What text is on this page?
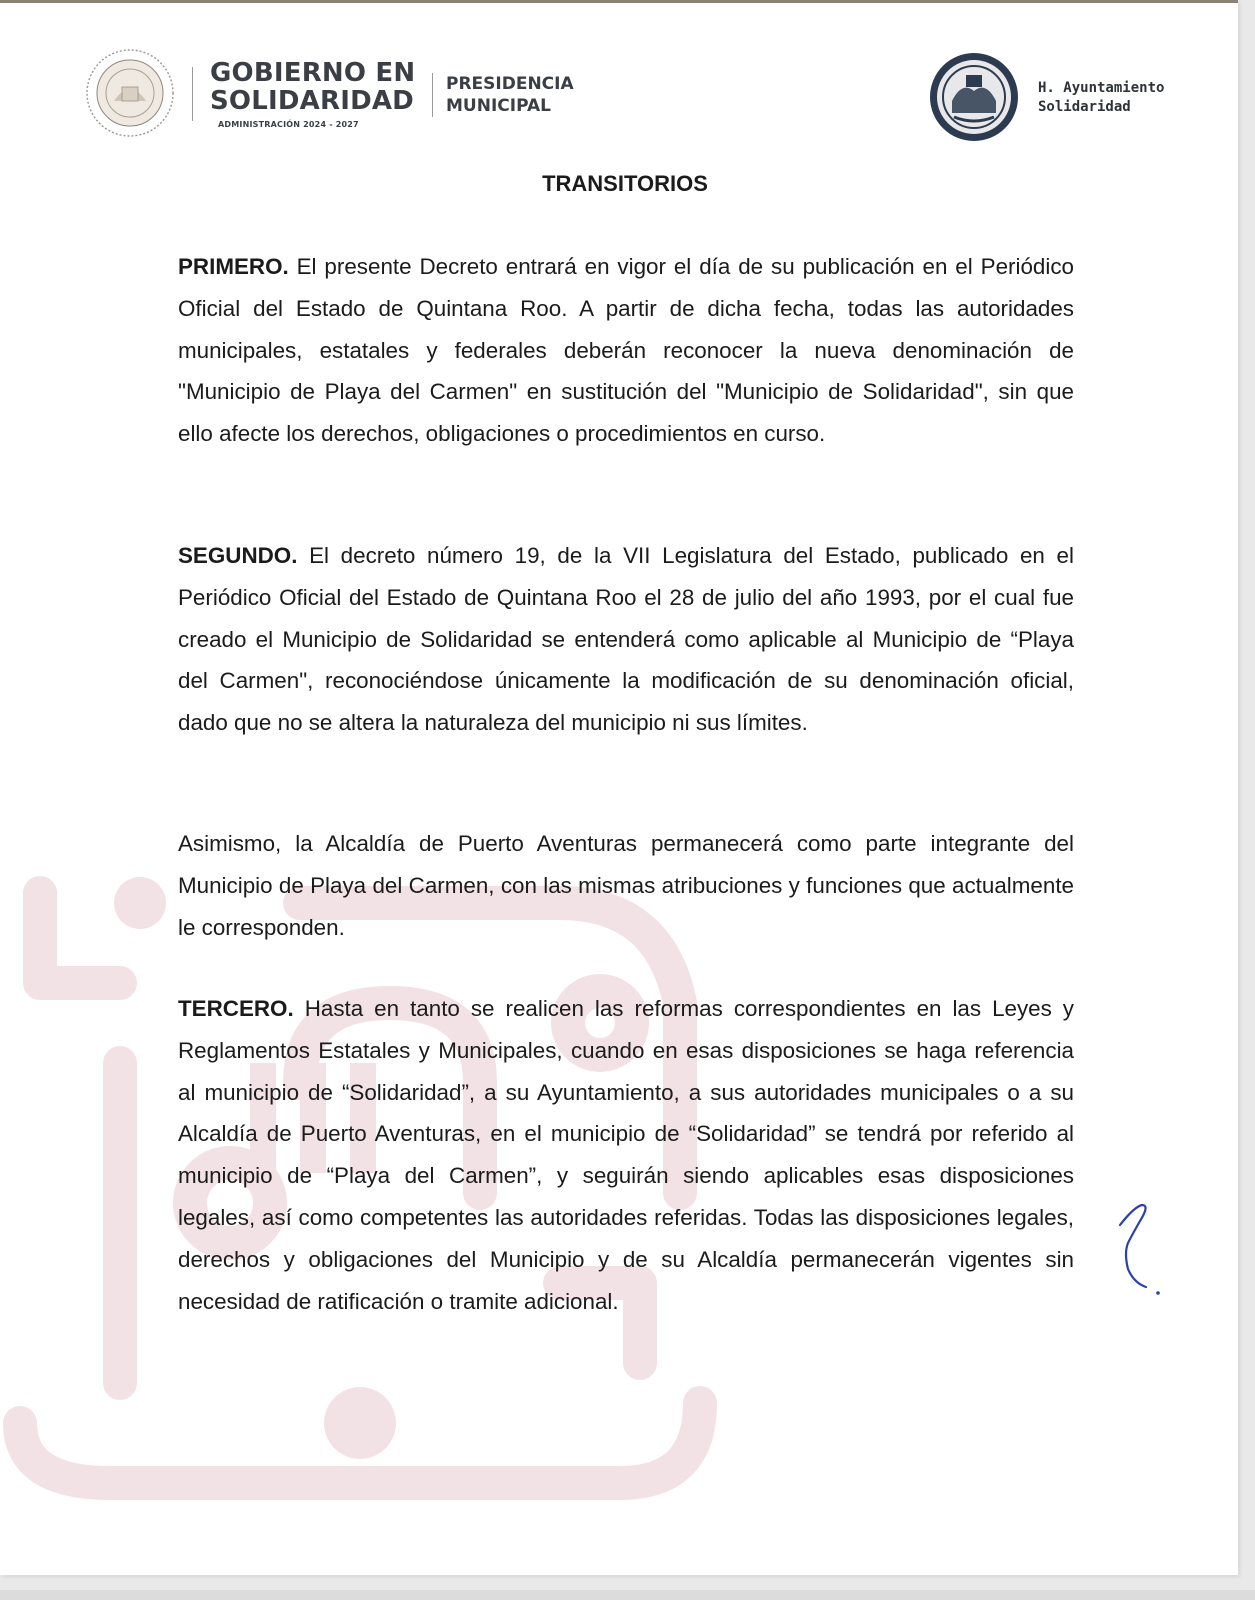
GOBIERNO EN
SOLIDARIDAD
ADMINISTRACIÓN 2024 - 2027
PRESIDENCIA
MUNICIPAL
H. Ayuntamiento
Solidaridad
TRANSITORIOS

PRIMERO. El presente Decreto entrará en vigor el día de su publicación en el Periódico Oficial del Estado de Quintana Roo. A partir de dicha fecha, todas las autoridades municipales, estatales y federales deberán reconocer la nueva denominación de "Municipio de Playa del Carmen" en sustitución del "Municipio de Solidaridad", sin que ello afecte los derechos, obligaciones o procedimientos en curso.

SEGUNDO. El decreto número 19, de la VII Legislatura del Estado, publicado en el Periódico Oficial del Estado de Quintana Roo el 28 de julio del año 1993, por el cual fue creado el Municipio de Solidaridad se entenderá como aplicable al Municipio de “Playa del Carmen", reconociéndose únicamente la modificación de su denominación oficial, dado que no se altera la naturaleza del municipio ni sus límites.

Asimismo, la Alcaldía de Puerto Aventuras permanecerá como parte integrante del Municipio de Playa del Carmen, con las mismas atribuciones y funciones que actualmente le corresponden.

TERCERO. Hasta en tanto se realicen las reformas correspondientes en las Leyes y Reglamentos Estatales y Municipales, cuando en esas disposiciones se haga referencia al municipio de “Solidaridad”, a su Ayuntamiento, a sus autoridades municipales o a su Alcaldía de Puerto Aventuras, en el municipio de “Solidaridad” se tendrá por referido al municipio de “Playa del Carmen”, y seguirán siendo aplicables esas disposiciones legales, así como competentes las autoridades referidas. Todas las disposiciones legales, derechos y obligaciones del Municipio y de su Alcaldía permanecerán vigentes sin necesidad de ratificación o tramite adicional.
